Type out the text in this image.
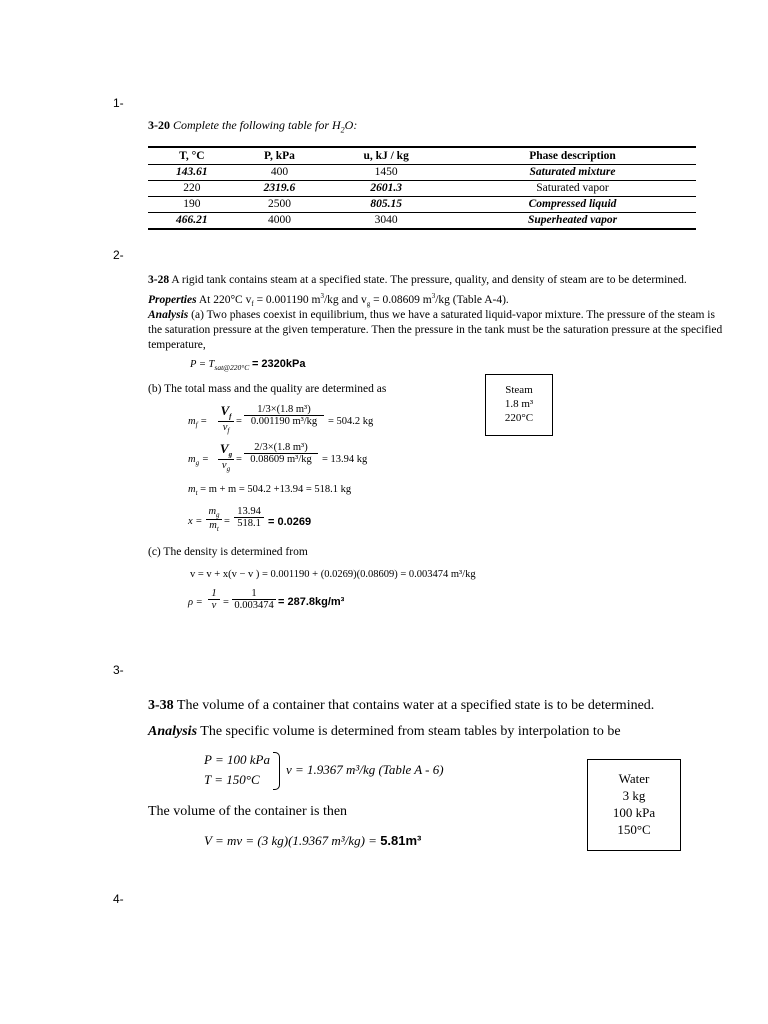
1-
2-
3-
4-
3-20 Complete the following table for $H_2O$:
T, °C	P, kPa	u, kJ / kg	Phase description
143.61	400	1450	Saturated mixture
220	2319.6	2601.3	Saturated vapor
190	2500	805.15	Compressed liquid
466.21	4000	3040	Superheated vapor
3-28 A rigid tank contains steam at a specified state. The pressure, quality, and density of steam are to be determined.
Properties At 220°C $v_f = 0.001190$ $m^3/kg$ and $v_g = 0.08609$ $m^3/kg$ (Table A-4).
Analysis (a) Two phases coexist in equilibrium, thus we have a saturated liquid-vapor mixture. The pressure of the steam is
the saturation pressure at the given temperature. Then the pressure in the tank must be the saturation pressure at the specified
temperature,
$P = T_{sat@220^\circ C} = 2320kPa$
(b) The total mass and the quality are determined as
$m_f$ =
$V_f$
$v_f$
= $\frac{\text{1/3×(1.8 m³)}}{\text{0.001190 m³/kg}} = 504.2$ kg
$m_g$ =
$V_g$
$v_g$
= $\frac{\text{2/3×(1.8 m³)}}{\text{0.08609 m³/kg}} = 13.94$ kg
$m_t = m + m = 504.2 +13.94 = 518.1$ kg
$x = \frac{m_g}{m_t} = \frac{13.94}{518.1} = 0.0269$
(c) The density is determined from
v = v + x(v − v ) = 0.001190 + (0.0269)(0.08609) = 0.003474 m³/kg
$\rho = \frac{1}{v} = \frac{1}{0.003474} = 287.8kg/m^3$
Steam
1.8 m³
220°C
3-38 The volume of a container that contains water at a specified state is to be determined.
Analysis The specific volume is determined from steam tables by interpolation to be
P = 100 kPa
T = 150°C
v = 1.9367 m³/kg (Table A - 6)
The volume of the container is then
V = mv = (3 kg)(1.9367 m³/kg) = 5.81m³
Water
3 kg
100 kPa
150°C
